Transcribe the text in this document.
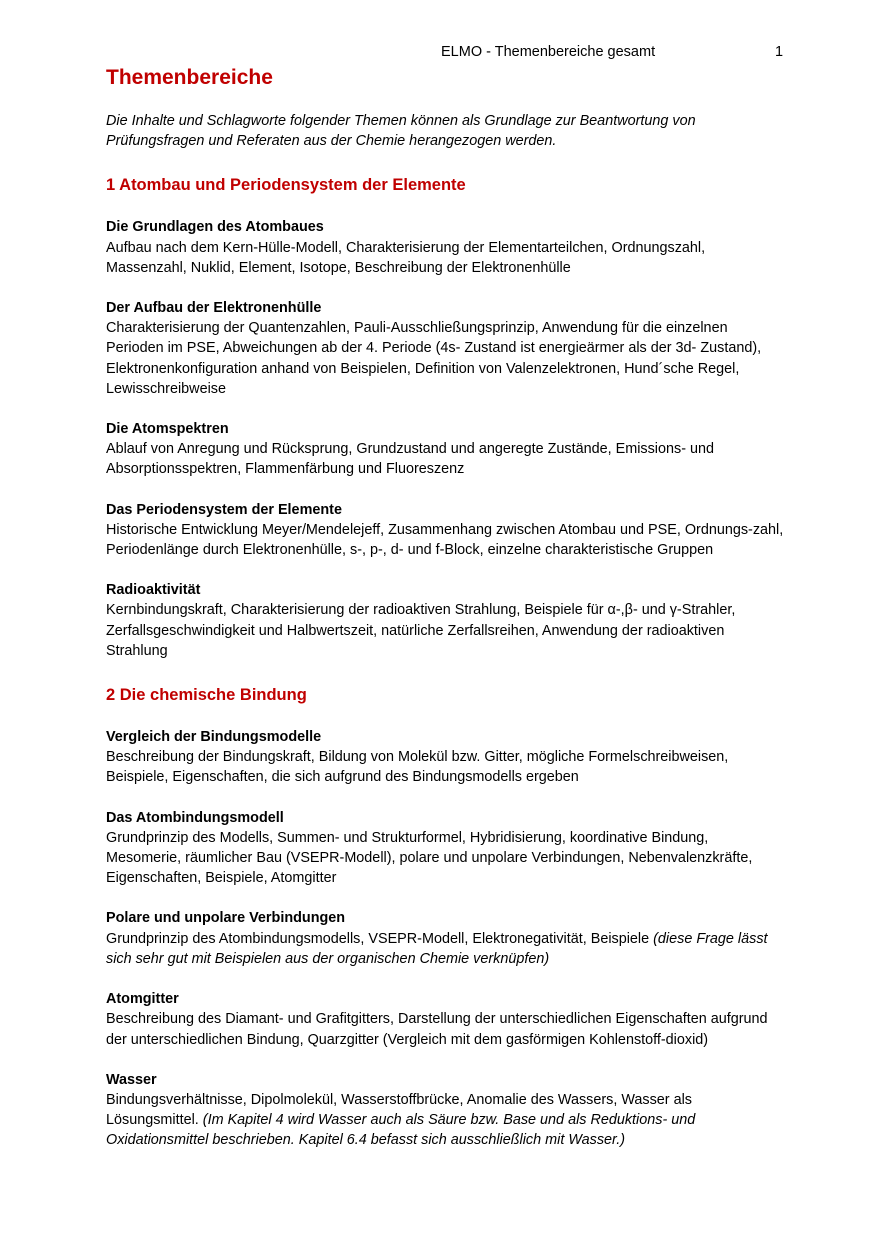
ELMO - Themenbereiche gesamt	1
Themenbereiche

Die Inhalte und Schlagworte folgender Themen können als Grundlage zur Beantwortung von Prüfungsfragen und Referaten aus der Chemie herangezogen werden.

1 Atombau und Periodensystem der Elemente

Die Grundlagen des Atombaues

Aufbau nach dem Kern-Hülle-Modell, Charakterisierung der Elementarteilchen, Ordnungszahl, Massenzahl, Nuklid, Element, Isotope, Beschreibung der Elektronenhülle

Der Aufbau der Elektronenhülle

Charakterisierung der Quantenzahlen, Pauli-Ausschließungsprinzip, Anwendung für die einzelnen Perioden im PSE, Abweichungen ab der 4. Periode (4s- Zustand ist energieärmer als der 3d- Zustand), Elektronenkonfiguration anhand von Beispielen, Definition von Valenzelektronen, Hund´sche Regel, Lewisschreibweise

Die Atomspektren

Ablauf von Anregung und Rücksprung, Grundzustand und angeregte Zustände, Emissions- und Absorptionsspektren, Flammenfärbung und Fluoreszenz

Das Periodensystem der Elemente

Historische Entwicklung Meyer/Mendelejeff, Zusammenhang zwischen Atombau und PSE, Ordnungs-zahl, Periodenlänge durch Elektronenhülle, s-, p-, d- und f-Block, einzelne charakteristische Gruppen

Radioaktivität

Kernbindungskraft, Charakterisierung der radioaktiven Strahlung, Beispiele für α-,β- und γ-Strahler, Zerfallsgeschwindigkeit und Halbwertszeit, natürliche Zerfallsreihen, Anwendung der radioaktiven Strahlung

2 Die chemische Bindung

Vergleich der Bindungsmodelle

Beschreibung der Bindungskraft, Bildung von Molekül bzw. Gitter, mögliche Formelschreibweisen, Beispiele, Eigenschaften, die sich aufgrund des Bindungsmodells ergeben

Das Atombindungsmodell

Grundprinzip des Modells, Summen- und Strukturformel, Hybridisierung, koordinative Bindung, Mesomerie, räumlicher Bau (VSEPR-Modell), polare und unpolare Verbindungen, Nebenvalenzkräfte, Eigenschaften, Beispiele, Atomgitter

Polare und unpolare Verbindungen

Grundprinzip des Atombindungsmodells, VSEPR-Modell, Elektronegativität, Beispiele (diese Frage lässt sich sehr gut mit Beispielen aus der organischen Chemie verknüpfen)

Atomgitter

Beschreibung des Diamant- und Grafitgitters, Darstellung der unterschiedlichen Eigenschaften aufgrund der unterschiedlichen Bindung, Quarzgitter (Vergleich mit dem gasförmigen Kohlenstoff-dioxid)

Wasser

Bindungsverhältnisse, Dipolmolekül, Wasserstoffbrücke, Anomalie des Wassers, Wasser als Lösungsmittel. (Im Kapitel 4 wird Wasser auch als Säure bzw. Base und als Reduktions- und Oxidationsmittel beschrieben. Kapitel 6.4 befasst sich ausschließlich mit Wasser.)
